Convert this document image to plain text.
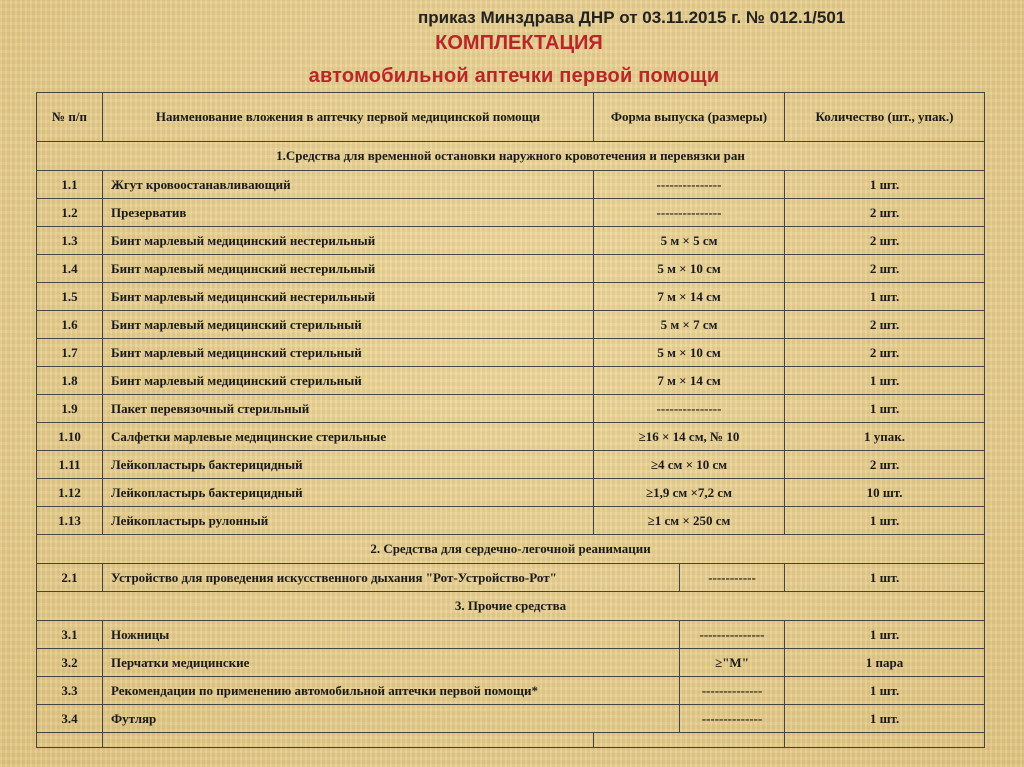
приказ Минздрава ДНР от 03.11.2015 г. № 012.1/501
КОМПЛЕКТАЦИЯ
автомобильной аптечки первой помощи
№ п/п	Наименование вложения в аптечку первой медицинской помощи	Форма выпуска (размеры)		Количество (шт., упак.)
1.Средства для временной остановки наружного кровотечения и перевязки ран				
1.1	Жгут кровоостанавливающий	---------------		1 шт.
1.2	Презерватив	---------------		2 шт.
1.3	Бинт марлевый медицинский нестерильный	5 м × 5 см		2 шт.
1.4	Бинт марлевый медицинский нестерильный	5 м × 10 см		2 шт.
1.5	Бинт марлевый медицинский нестерильный	7 м × 14 см		1 шт.
1.6	Бинт марлевый медицинский стерильный	5 м × 7 см		2 шт.
1.7	Бинт марлевый медицинский стерильный	5 м × 10 см		2 шт.
1.8	Бинт марлевый медицинский стерильный	7 м × 14 см		1 шт.
1.9	Пакет перевязочный стерильный	---------------		1 шт.
1.10	Салфетки марлевые медицинские стерильные	≥16 × 14 см, № 10		1 упак.
1.11	Лейкопластырь бактерицидный	≥4 см × 10 см		2 шт.
1.12	Лейкопластырь бактерицидный	≥1,9 см ×7,2 см		10 шт.
1.13	Лейкопластырь рулонный	≥1 см × 250 см		1 шт.
2. Средства для сердечно-легочной реанимации				
2.1	Устройство для проведения искусственного дыхания "Рот-Устройство-Рот"		-----------	1 шт.
3. Прочие средства				
3.1	Ножницы		---------------	1 шт.
3.2	Перчатки медицинские		≥"M"	1 пара
3.3	Рекомендации по применению автомобильной аптечки первой помощи*		--------------	1 шт.
3.4	Футляр		--------------	1 шт.
